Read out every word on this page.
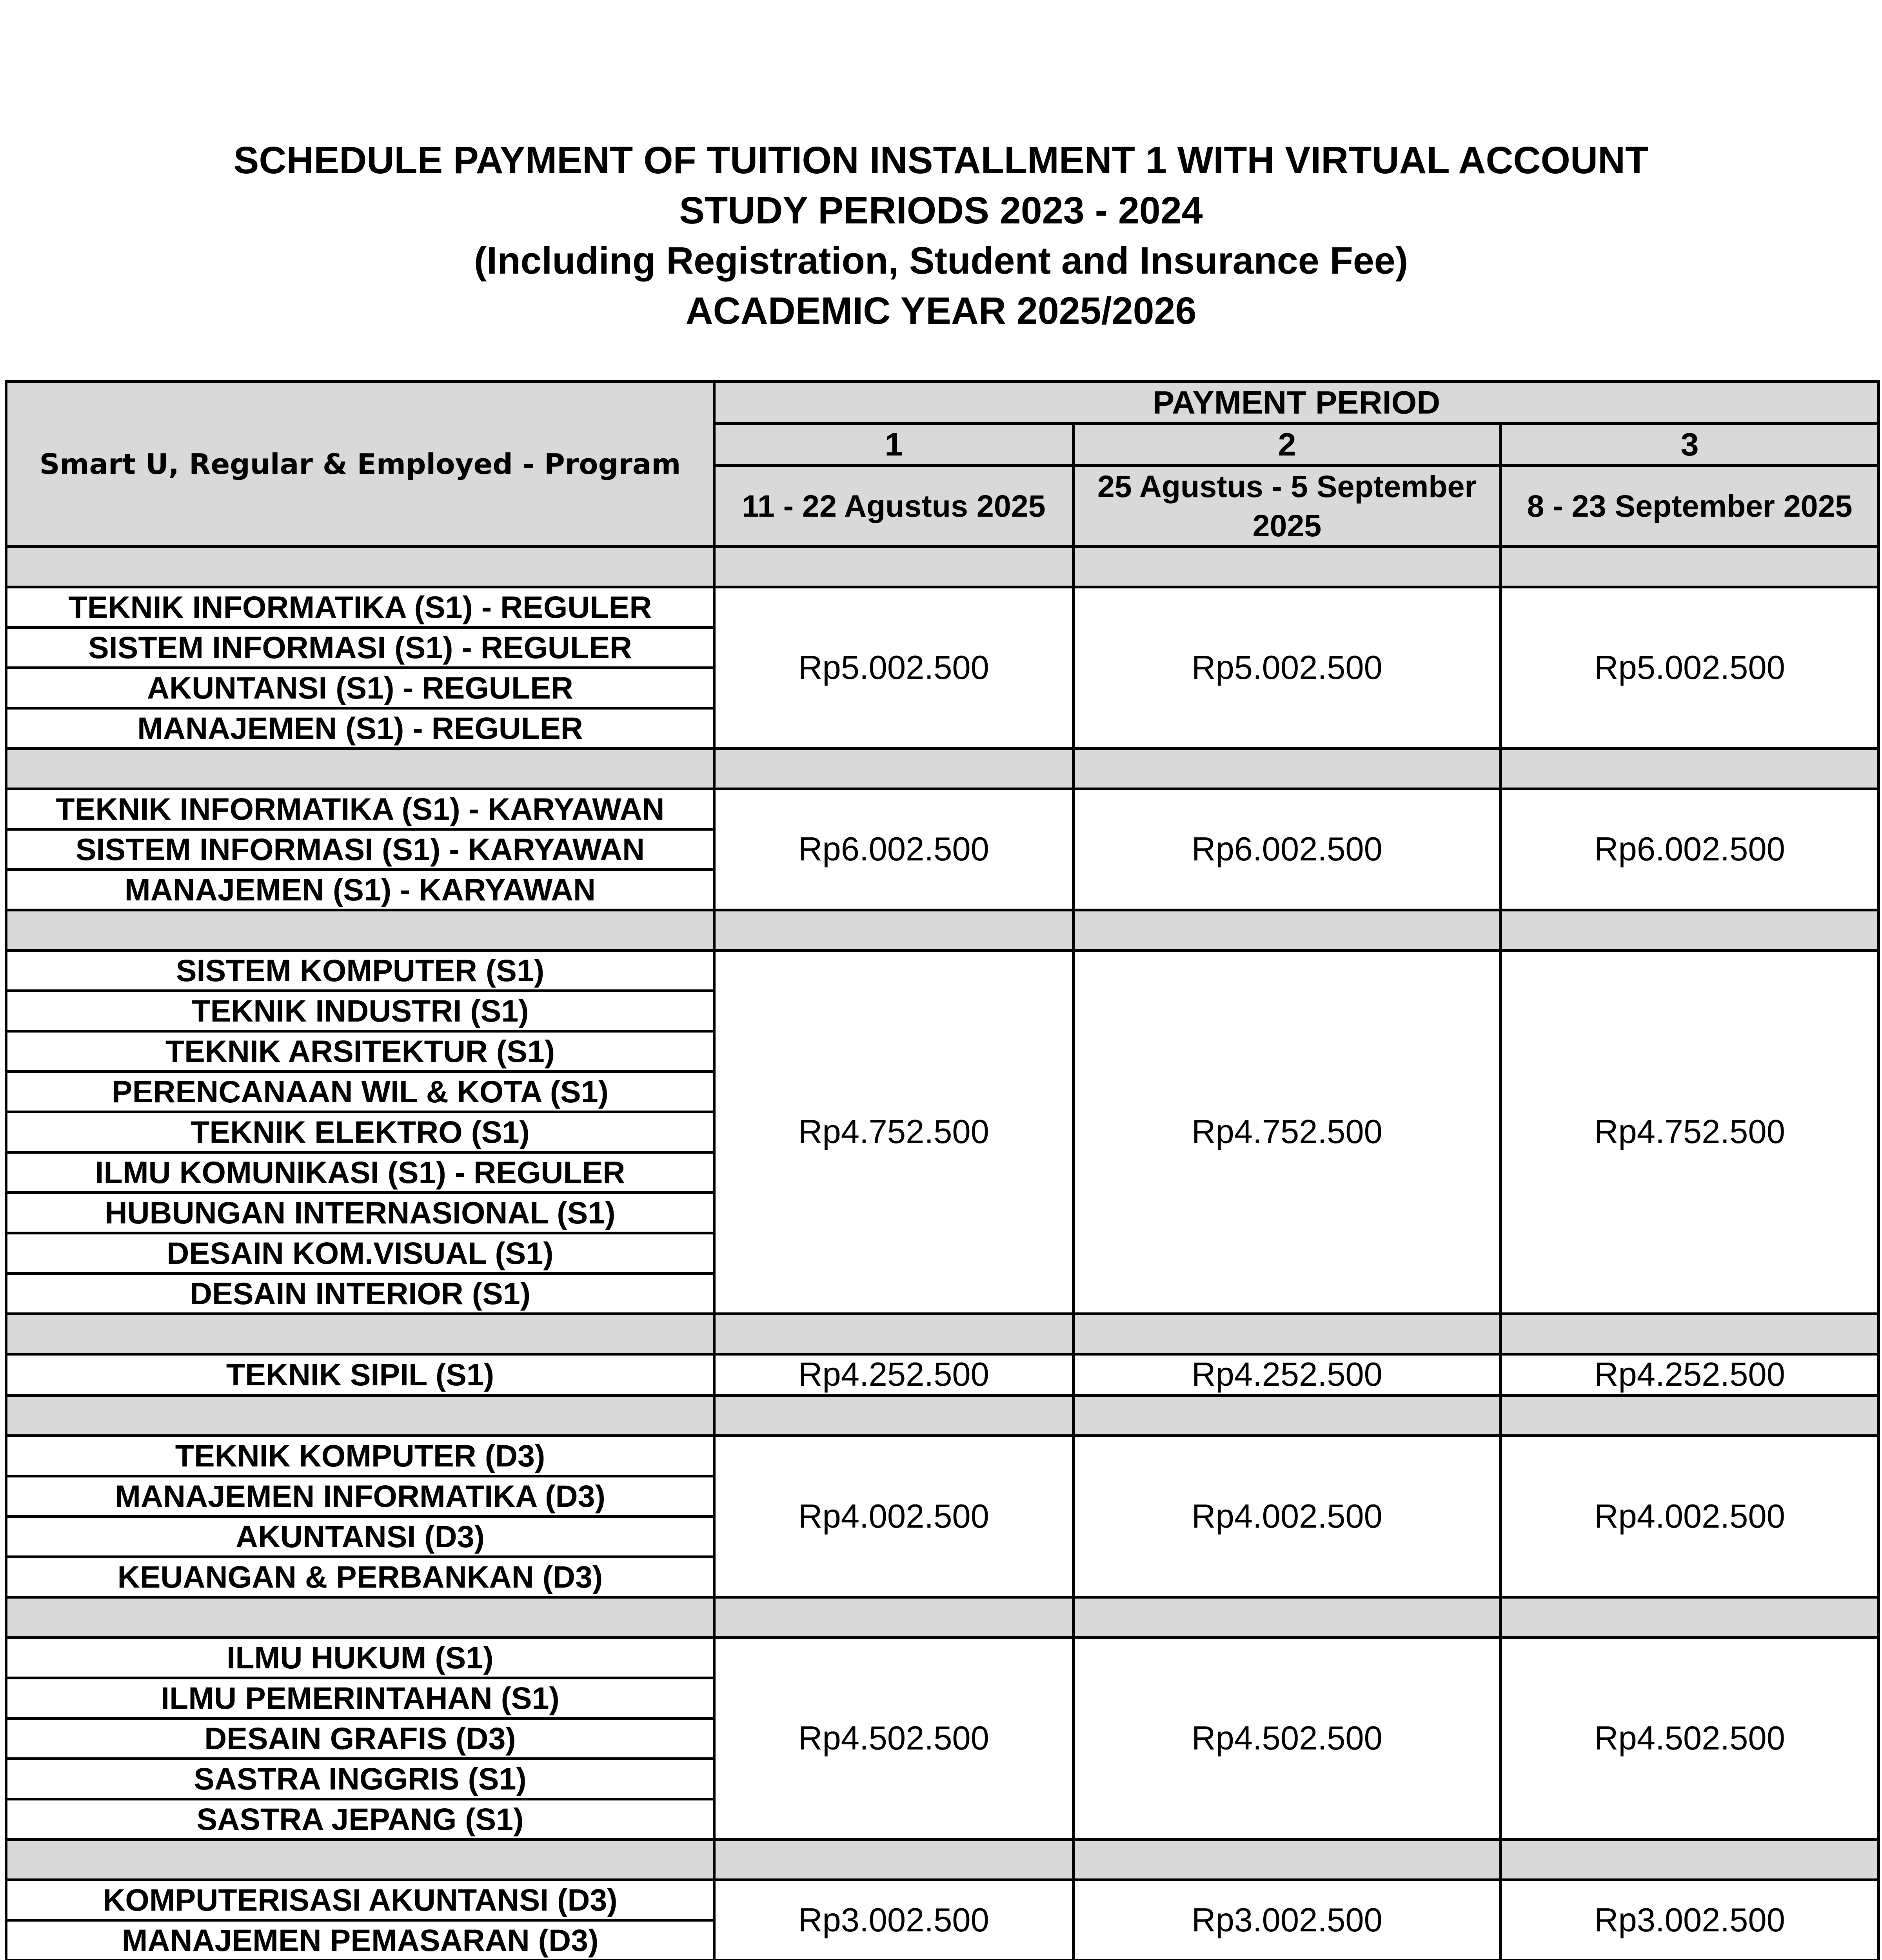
SCHEDULE PAYMENT OF TUITION INSTALLMENT 1 WITH VIRTUAL ACCOUNT
STUDY PERIODS 2023 - 2024
(Including Registration, Student and Insurance Fee)
ACADEMIC YEAR 2025/2026
Smart U, Regular & Employed - Program	PAYMENT PERIOD		
	1	2	3
	11 - 22 Agustus 2025	25 Agustus - 5 September 2025	8 - 23 September 2025

TEKNIK INFORMATIKA (S1) - REGULER	Rp5.002.500	Rp5.002.500	Rp5.002.500
SISTEM INFORMASI (S1) - REGULER			
AKUNTANSI (S1) - REGULER			
MANAJEMEN (S1) - REGULER			

TEKNIK INFORMATIKA (S1) - KARYAWAN	Rp6.002.500	Rp6.002.500	Rp6.002.500
SISTEM INFORMASI (S1) - KARYAWAN			
MANAJEMEN (S1) - KARYAWAN			

SISTEM KOMPUTER (S1)	Rp4.752.500	Rp4.752.500	Rp4.752.500
TEKNIK INDUSTRI (S1)			
TEKNIK ARSITEKTUR (S1)			
PERENCANAAN WIL & KOTA (S1)			
TEKNIK ELEKTRO (S1)			
ILMU KOMUNIKASI (S1) - REGULER			
HUBUNGAN INTERNASIONAL (S1)			
DESAIN KOM.VISUAL (S1)			
DESAIN INTERIOR (S1)			

TEKNIK SIPIL (S1)	Rp4.252.500	Rp4.252.500	Rp4.252.500

TEKNIK KOMPUTER (D3)	Rp4.002.500	Rp4.002.500	Rp4.002.500
MANAJEMEN INFORMATIKA (D3)			
AKUNTANSI (D3)			
KEUANGAN & PERBANKAN (D3)			

ILMU HUKUM (S1)	Rp4.502.500	Rp4.502.500	Rp4.502.500
ILMU PEMERINTAHAN (S1)			
DESAIN GRAFIS (D3)			
SASTRA INGGRIS (S1)			
SASTRA JEPANG (S1)			

KOMPUTERISASI AKUNTANSI (D3)	Rp3.002.500	Rp3.002.500	Rp3.002.500
MANAJEMEN PEMASARAN (D3)			
